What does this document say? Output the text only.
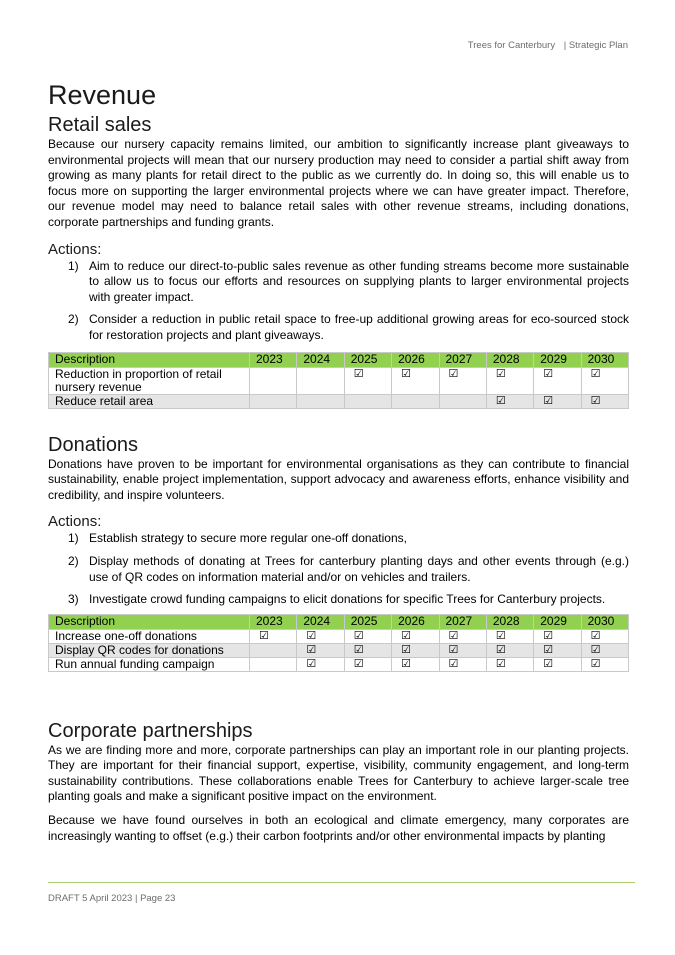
Trees for Canterbury | Strategic Plan
Revenue
Retail sales

Because our nursery capacity remains limited, our ambition to significantly increase plant giveaways to environmental projects will mean that our nursery production may need to consider a partial shift away from growing as many plants for retail direct to the public as we currently do. In doing so, this will enable us to focus more on supporting the larger environmental projects where we can have greater impact. Therefore, our revenue model may need to balance retail sales with other revenue streams, including donations, corporate partnerships and funding grants.

Actions:
1) Aim to reduce our direct-to-public sales revenue as other funding streams become more sustainable to allow us to focus our efforts and resources on supplying plants to larger environmental projects with greater impact.
2) Consider a reduction in public retail space to free-up additional growing areas for eco-sourced stock for restoration projects and plant giveaways.
Description	2023	2024	2025	2026	2027	2028	2029	2030
Reduction in proportion of retail nursery revenue			☑	☑	☑	☑	☑	☑
Reduce retail area						☑	☑	☑
Donations

Donations have proven to be important for environmental organisations as they can contribute to financial sustainability, enable project implementation, support advocacy and awareness efforts, enhance visibility and credibility, and inspire volunteers.

Actions:
1) Establish strategy to secure more regular one-off donations,
2) Display methods of donating at Trees for canterbury planting days and other events through (e.g.) use of QR codes on information material and/or on vehicles and trailers.
3) Investigate crowd funding campaigns to elicit donations for specific Trees for Canterbury projects.
Description	2023	2024	2025	2026	2027	2028	2029	2030
Increase one-off donations	☑	☑	☑	☑	☑	☑	☑	☑
Display QR codes for donations		☑	☑	☑	☑	☑	☑	☑
Run annual funding campaign		☑	☑	☑	☑	☑	☑	☑
Corporate partnerships

As we are finding more and more, corporate partnerships can play an important role in our planting projects. They are important for their financial support, expertise, visibility, community engagement, and long-term sustainability contributions. These collaborations enable Trees for Canterbury to achieve larger-scale tree planting goals and make a significant positive impact on the environment.

Because we have found ourselves in both an ecological and climate emergency, many corporates are increasingly wanting to offset (e.g.) their carbon footprints and/or other environmental impacts by planting

DRAFT 5 April 2023 | Page 23
